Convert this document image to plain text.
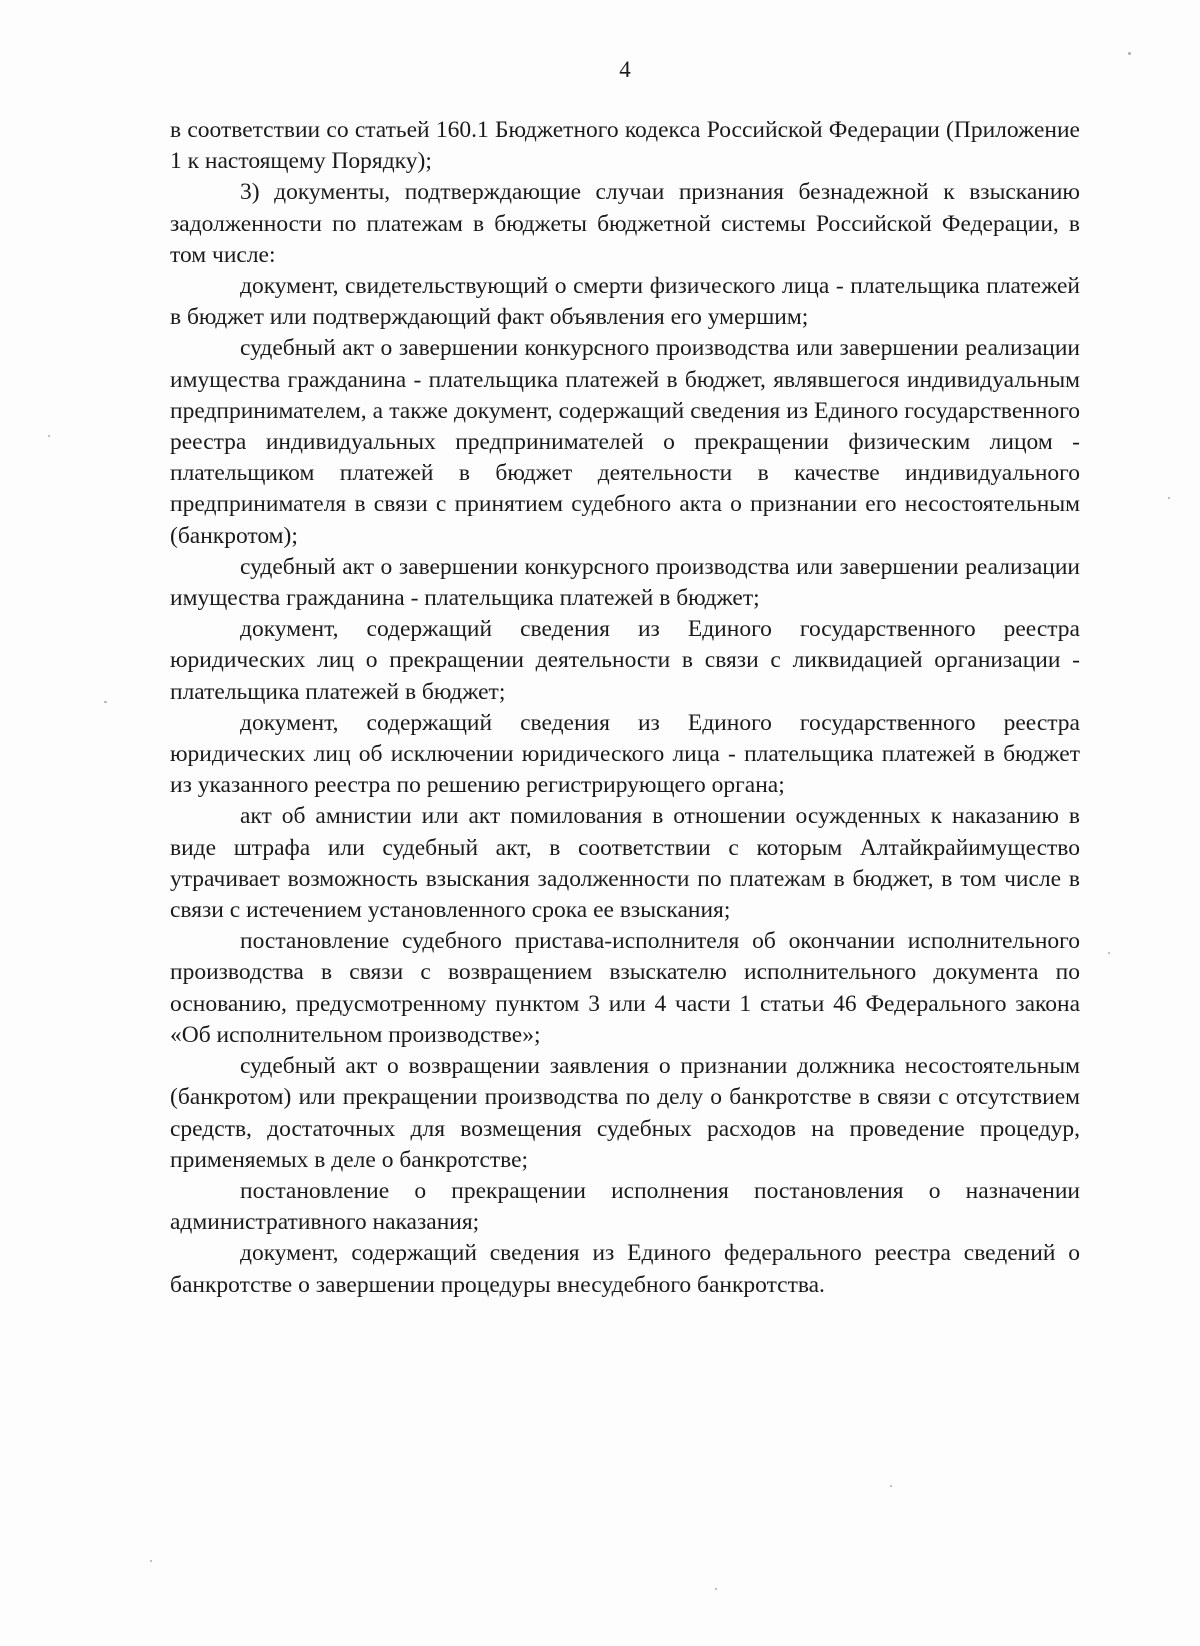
4

в соответствии со статьей 160.1 Бюджетного кодекса Российской Федерации (Приложение 1 к настоящему Порядку);

3) документы, подтверждающие случаи признания безнадежной к взысканию задолженности по платежам в бюджеты бюджетной системы Российской Федерации, в том числе:

документ, свидетельствующий о смерти физического лица - плательщика платежей в бюджет или подтверждающий факт объявления его умершим;

судебный акт о завершении конкурсного производства или завершении реализации имущества гражданина - плательщика платежей в бюджет, являвшегося индивидуальным предпринимателем, а также документ, содержащий сведения из Единого государственного реестра индивидуальных предпринимателей о прекращении физическим лицом - плательщиком платежей в бюджет деятельности в качестве индивидуального предпринимателя в связи с принятием судебного акта о признании его несостоятельным (банкротом);

судебный акт о завершении конкурсного производства или завершении реализации имущества гражданина - плательщика платежей в бюджет;

документ, содержащий сведения из Единого государственного реестра юридических лиц о прекращении деятельности в связи с ликвидацией организации - плательщика платежей в бюджет;

документ, содержащий сведения из Единого государственного реестра юридических лиц об исключении юридического лица - плательщика платежей в бюджет из указанного реестра по решению регистрирующего органа;

акт об амнистии или акт помилования в отношении осужденных к наказанию в виде штрафа или судебный акт, в соответствии с которым Алтайкрайимущество утрачивает возможность взыскания задолженности по платежам в бюджет, в том числе в связи с истечением установленного срока ее взыскания;

постановление судебного пристава-исполнителя об окончании исполнительного производства в связи с возвращением взыскателю исполнительного документа по основанию, предусмотренному пунктом 3 или 4 части 1 статьи 46 Федерального закона «Об исполнительном производстве»;

судебный акт о возвращении заявления о признании должника несостоятельным (банкротом) или прекращении производства по делу о банкротстве в связи с отсутствием средств, достаточных для возмещения судебных расходов на проведение процедур, применяемых в деле о банкротстве;

постановление о прекращении исполнения постановления о назначении административного наказания;

документ, содержащий сведения из Единого федерального реестра сведений о банкротстве о завершении процедуры внесудебного банкротства.
